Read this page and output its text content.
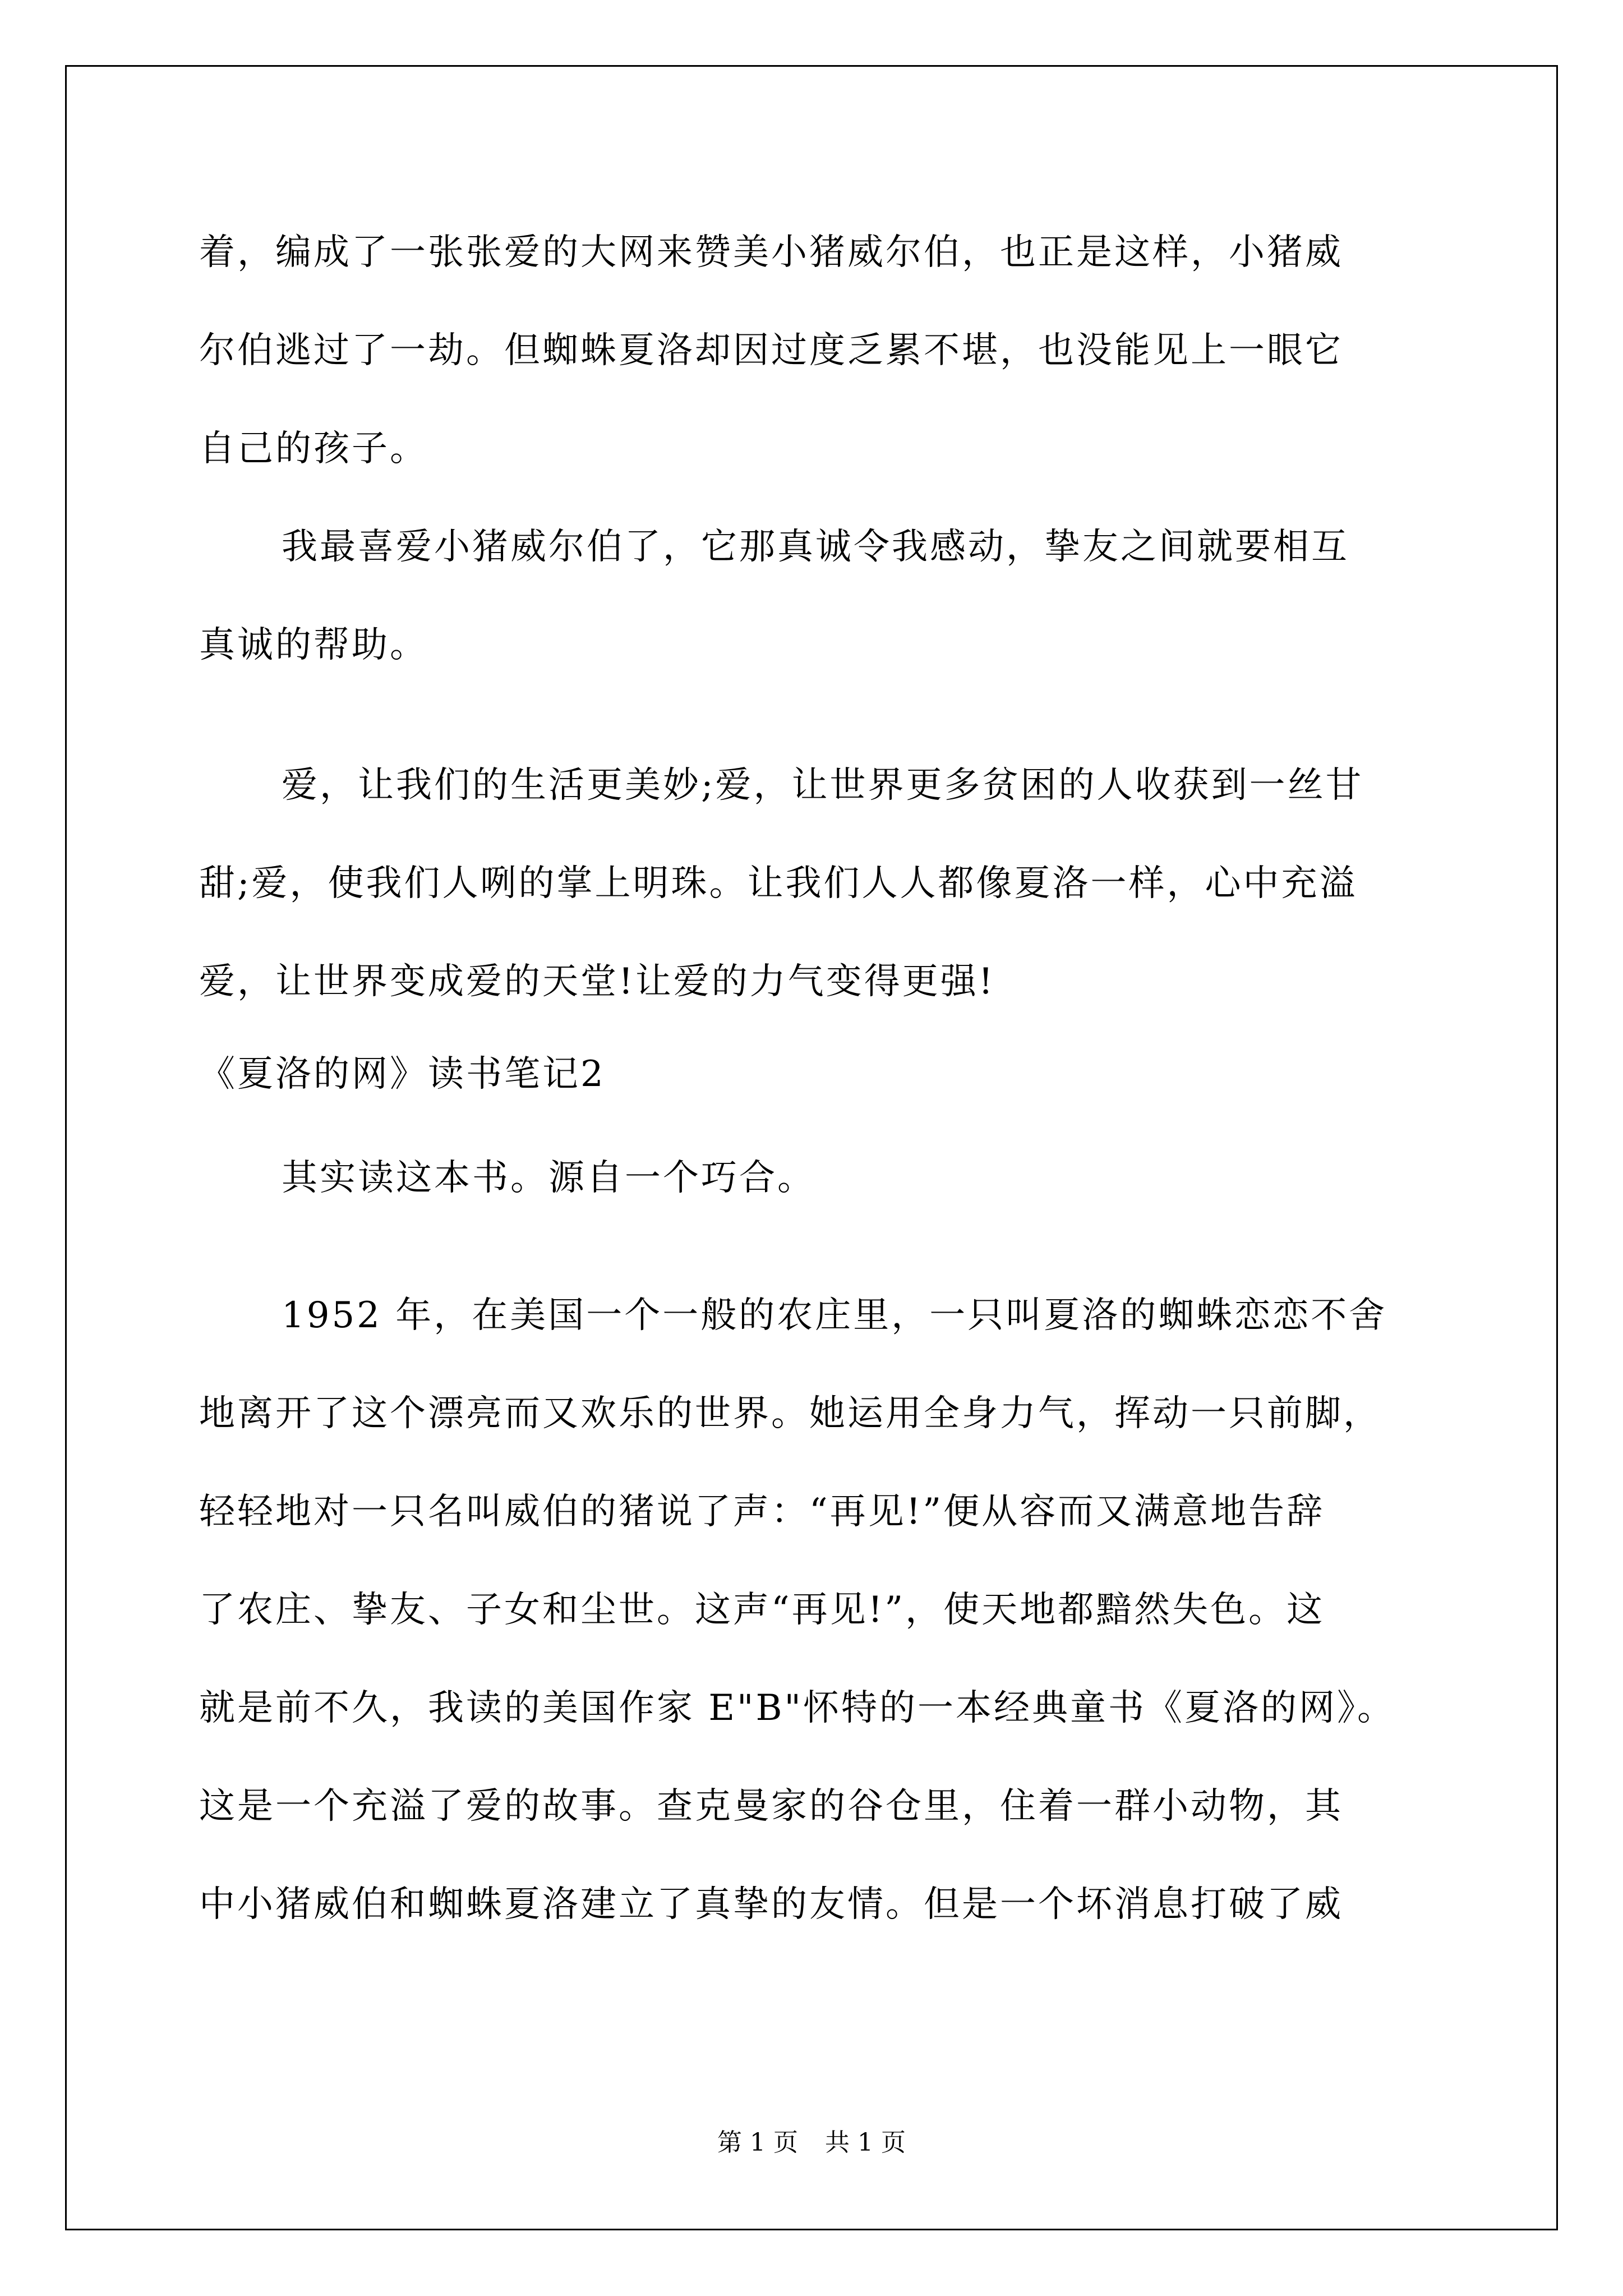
着，编成了一张张爱的大网来赞美小猪威尔伯，也正是这样，小猪威
尔伯逃过了一劫。但蜘蛛夏洛却因过度乏累不堪，也没能见上一眼它
自己的孩子。
我最喜爱小猪威尔伯了，它那真诚令我感动，挚友之间就要相互
真诚的帮助。
爱，让我们的生活更美妙;爱，让世界更多贫困的人收获到一丝甘
甜;爱，使我们人咧的掌上明珠。让我们人人都像夏洛一样，心中充溢
爱，让世界变成爱的天堂!让爱的力气变得更强!
《夏洛的网》读书笔记2
其实读这本书。源自一个巧合。
1952 年，在美国一个一般的农庄里，一只叫夏洛的蜘蛛恋恋不舍
地离开了这个漂亮而又欢乐的世界。她运用全身力气，挥动一只前脚，
轻轻地对一只名叫威伯的猪说了声：“再见!”便从容而又满意地告辞
了农庄、挚友、子女和尘世。这声“再见!”，使天地都黯然失色。这
就是前不久，我读的美国作家 E"B"怀特的一本经典童书《夏洛的网》。
这是一个充溢了爱的故事。查克曼家的谷仓里，住着一群小动物，其
中小猪威伯和蜘蛛夏洛建立了真挚的友情。但是一个坏消息打破了威
第 1 页 共 1 页
